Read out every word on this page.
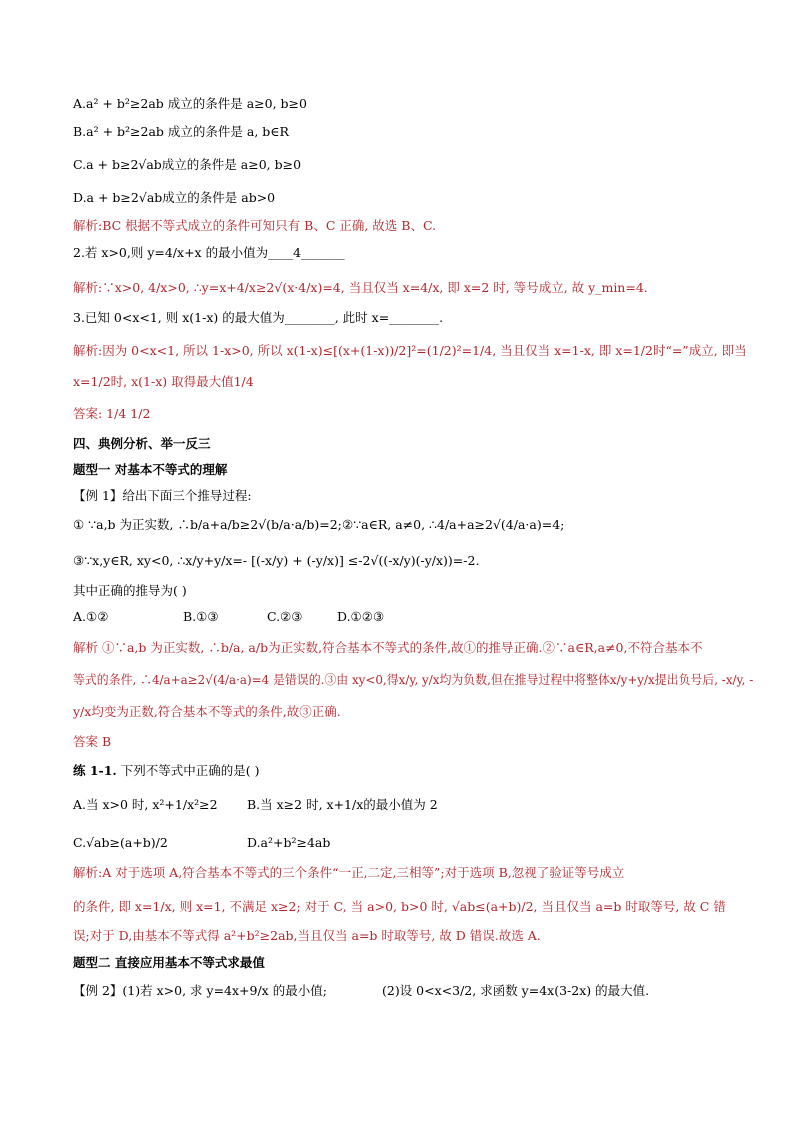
A.a² + b²≥2ab 成立的条件是 a≥0, b≥0
B.a² + b²≥2ab 成立的条件是 a, b∈R
C.a + b≥2√ab成立的条件是 a≥0, b≥0
D.a + b≥2√ab成立的条件是 ab>0
解析:BC 根据不等式成立的条件可知只有 B、C 正确, 故选 B、C.
2.若 x>0,则 y=4/x+x 的最小值为____4_______
解析:∵x>0, 4/x>0, ∴y=x+4/x≥2√(x·4/x)=4, 当且仅当 x=4/x, 即 x=2 时, 等号成立, 故 y_min=4.
3.已知 0<x<1, 则 x(1-x) 的最大值为________, 此时 x=________.
解析:因为 0<x<1, 所以 1-x>0, 所以 x(1-x)≤[(x+(1-x))/2]²=(1/2)²=1/4, 当且仅当 x=1-x, 即 x=1/2时“=”成立, 即当
x=1/2时, x(1-x) 取得最大值1/4
答案: 1/4 1/2
四、典例分析、举一反三
题型一 对基本不等式的理解
【例 1】给出下面三个推导过程:
① ∵a,b 为正实数, ∴b/a+a/b≥2√(b/a·a/b)=2; ②∵a∈R, a≠0, ∴4/a+a≥2√(4/a·a)=4;
③∵x,y∈R, xy<0, ∴x/y+y/x=- [(-x/y) + (-y/x)] ≤-2√((-x/y)(-y/x))=-2.
其中正确的推导为( )
A.①②	B.①③	C.②③	D.①②③
解析 ①∵a,b 为正实数, ∴b/a, a/b为正实数,符合基本不等式的条件,故①的推导正确.②∵a∈R,a≠0,不符合基本不
等式的条件, ∴4/a+a≥2√(4/a·a)=4 是错误的.③由 xy<0,得x/y, y/x均为负数,但在推导过程中将整体x/y+y/x提出负号后, -x/y, -
y/x均变为正数,符合基本不等式的条件,故③正确.
答案 B
练 1-1. 下列不等式中正确的是( )
A.当 x>0 时, x²+1/x²≥2 B.当 x≥2 时, x+1/x的最小值为 2
C.√ab≥(a+b)/2	D.a²+b²≥4ab
解析:A 对于选项 A,符合基本不等式的三个条件“一正,二定,三相等”;对于选项 B,忽视了验证等号成立
的条件, 即 x=1/x, 则 x=1, 不满足 x≥2; 对于 C, 当 a>0, b>0 时, √ab≤(a+b)/2, 当且仅当 a=b 时取等号, 故 C 错
误;对于 D,由基本不等式得 a²+b²≥2ab,当且仅当 a=b 时取等号, 故 D 错误.故选 A.
题型二 直接应用基本不等式求最值
【例 2】(1)若 x>0, 求 y=4x+9/x 的最小值;	(2)设 0<x<3/2, 求函数 y=4x(3-2x) 的最大值.
